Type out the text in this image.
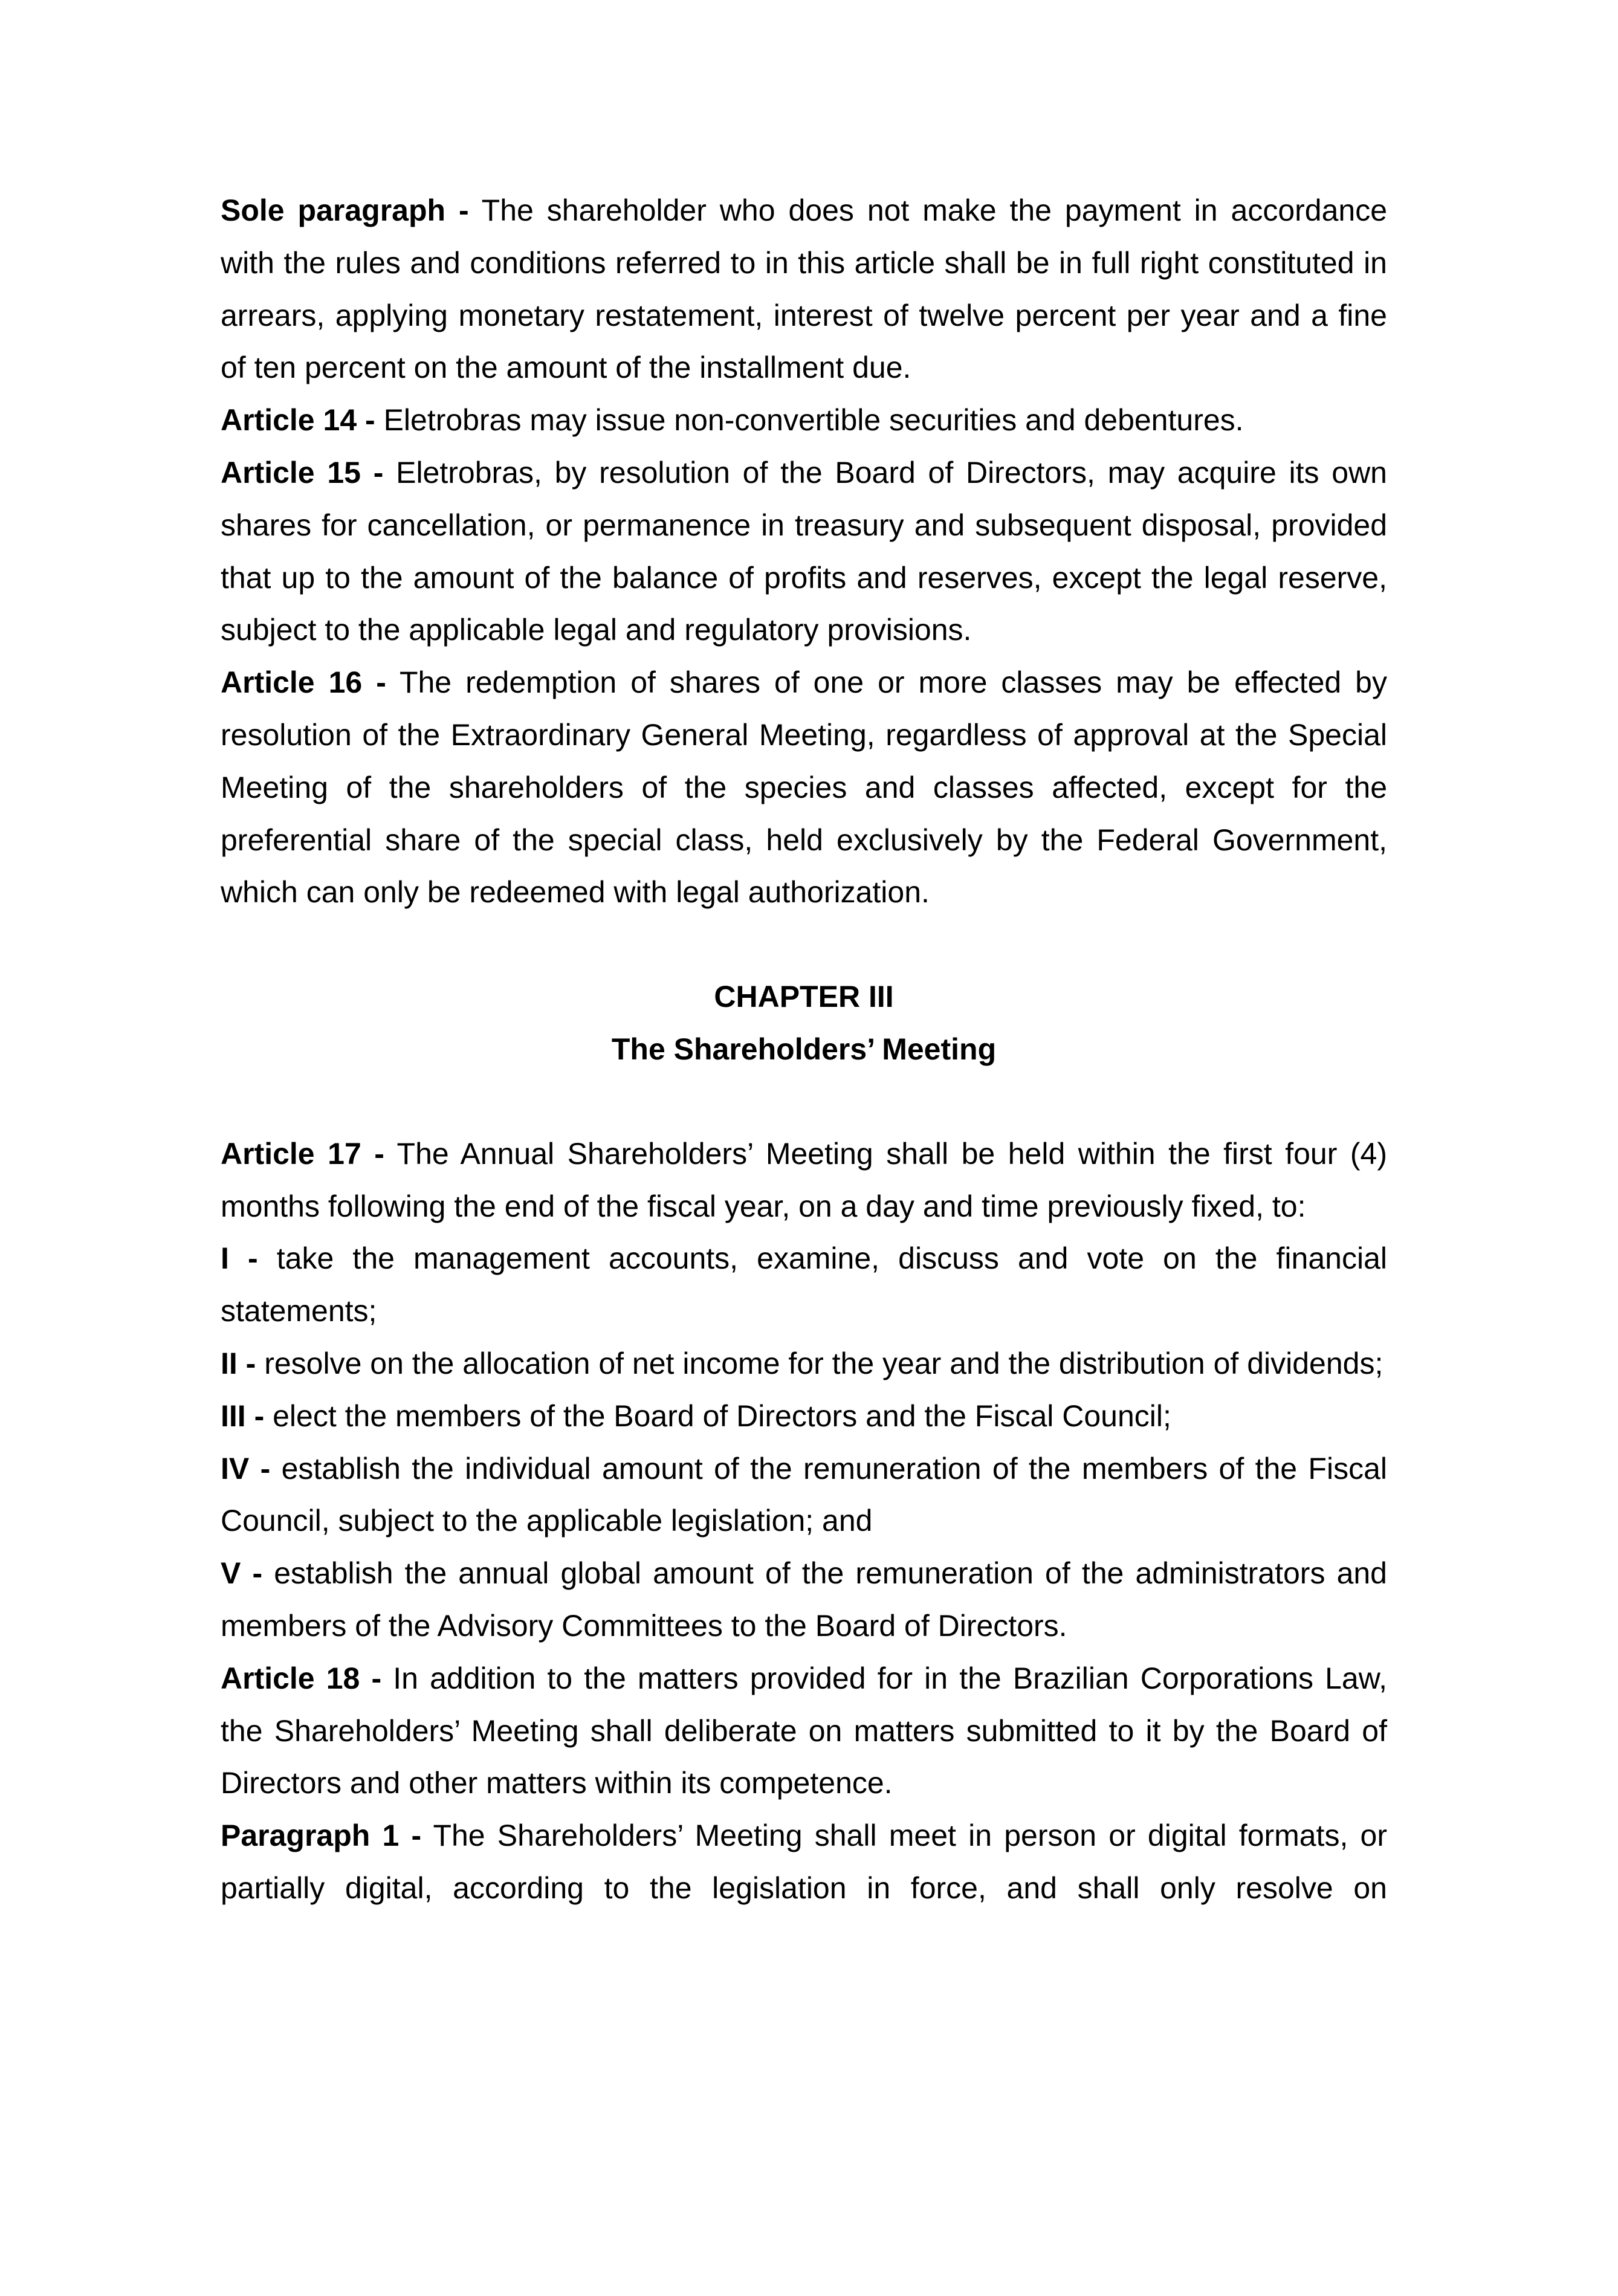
Sole paragraph - The shareholder who does not make the payment in accordance with the rules and conditions referred to in this article shall be in full right constituted in arrears, applying monetary restatement, interest of twelve percent per year and a fine of ten percent on the amount of the installment due.

Article 14 - Eletrobras may issue non-convertible securities and debentures.

Article 15 - Eletrobras, by resolution of the Board of Directors, may acquire its own shares for cancellation, or permanence in treasury and subsequent disposal, provided that up to the amount of the balance of profits and reserves, except the legal reserve, subject to the applicable legal and regulatory provisions.

Article 16 - The redemption of shares of one or more classes may be effected by resolution of the Extraordinary General Meeting, regardless of approval at the Special Meeting of the shareholders of the species and classes affected, except for the preferential share of the special class, held exclusively by the Federal Government, which can only be redeemed with legal authorization.

CHAPTER III
The Shareholders’ Meeting

Article 17 - The Annual Shareholders’ Meeting shall be held within the first four (4) months following the end of the fiscal year, on a day and time previously fixed, to:

I - take the management accounts, examine, discuss and vote on the financial statements;

II - resolve on the allocation of net income for the year and the distribution of dividends;

III - elect the members of the Board of Directors and the Fiscal Council;

IV - establish the individual amount of the remuneration of the members of the Fiscal Council, subject to the applicable legislation; and

V - establish the annual global amount of the remuneration of the administrators and members of the Advisory Committees to the Board of Directors.

Article 18 - In addition to the matters provided for in the Brazilian Corporations Law, the Shareholders’ Meeting shall deliberate on matters submitted to it by the Board of Directors and other matters within its competence.

Paragraph 1 - The Shareholders’ Meeting shall meet in person or digital formats, or partially digital, according to the legislation in force, and shall only resolve on
